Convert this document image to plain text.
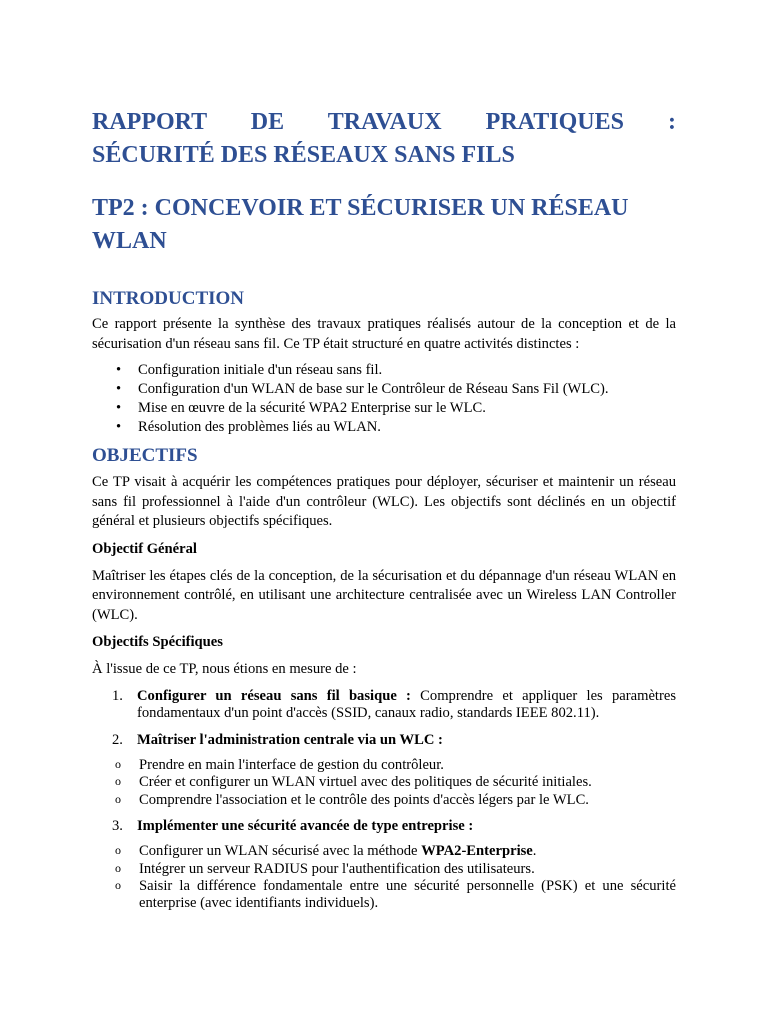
RAPPORT DE TRAVAUX PRATIQUES :
SÉCURITÉ DES RÉSEAUX SANS FILS
TP2 : CONCEVOIR ET SÉCURISER UN RÉSEAU WLAN
INTRODUCTION

Ce rapport présente la synthèse des travaux pratiques réalisés autour de la conception et de la sécurisation d'un réseau sans fil. Ce TP était structuré en quatre activités distinctes :

• Configuration initiale d'un réseau sans fil.
• Configuration d'un WLAN de base sur le Contrôleur de Réseau Sans Fil (WLC).
• Mise en œuvre de la sécurité WPA2 Enterprise sur le WLC.
• Résolution des problèmes liés au WLAN.
OBJECTIFS

Ce TP visait à acquérir les compétences pratiques pour déployer, sécuriser et maintenir un réseau sans fil professionnel à l'aide d'un contrôleur (WLC). Les objectifs sont déclinés en un objectif général et plusieurs objectifs spécifiques.

Objectif Général

Maîtriser les étapes clés de la conception, de la sécurisation et du dépannage d'un réseau WLAN en environnement contrôlé, en utilisant une architecture centralisée avec un Wireless LAN Controller (WLC).

Objectifs Spécifiques

À l'issue de ce TP, nous étions en mesure de :

1. Configurer un réseau sans fil basique : Comprendre et appliquer les paramètres fondamentaux d'un point d'accès (SSID, canaux radio, standards IEEE 802.11).
2. Maîtriser l'administration centrale via un WLC :
o Prendre en main l'interface de gestion du contrôleur.
o Créer et configurer un WLAN virtuel avec des politiques de sécurité initiales.
o Comprendre l'association et le contrôle des points d'accès légers par le WLC.
3. Implémenter une sécurité avancée de type entreprise :
o Configurer un WLAN sécurisé avec la méthode WPA2-Enterprise.
o Intégrer un serveur RADIUS pour l'authentification des utilisateurs.
o Saisir la différence fondamentale entre une sécurité personnelle (PSK) et une sécurité enterprise (avec identifiants individuels).
